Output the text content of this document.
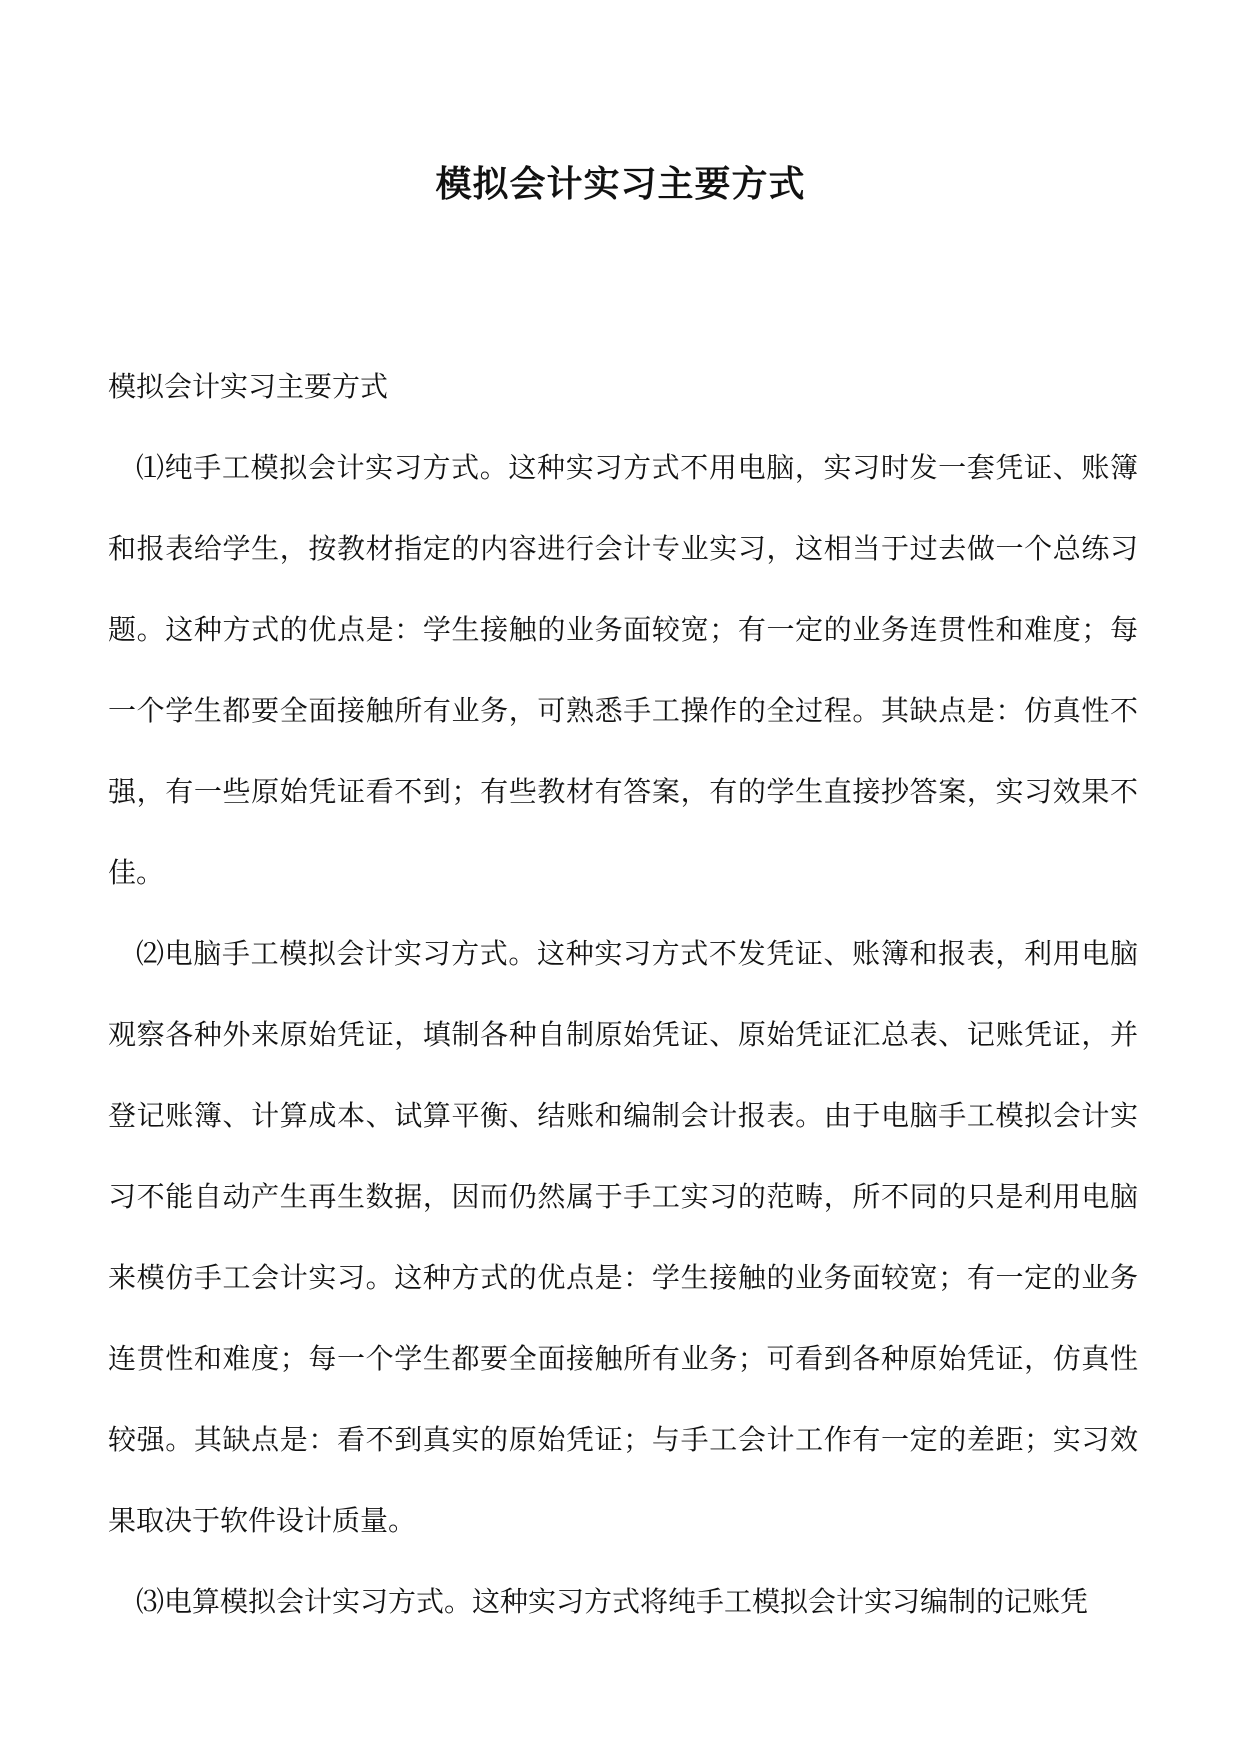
模拟会计实习主要方式

模拟会计实习主要方式

⑴纯手工模拟会计实习方式。这种实习方式不用电脑，实习时发一套凭证、账簿和报表给学生，按教材指定的内容进行会计专业实习，这相当于过去做一个总练习题。这种方式的优点是：学生接触的业务面较宽；有一定的业务连贯性和难度；每一个学生都要全面接触所有业务，可熟悉手工操作的全过程。其缺点是：仿真性不强，有一些原始凭证看不到；有些教材有答案，有的学生直接抄答案，实习效果不佳。

⑵电脑手工模拟会计实习方式。这种实习方式不发凭证、账簿和报表，利用电脑观察各种外来原始凭证，填制各种自制原始凭证、原始凭证汇总表、记账凭证，并登记账簿、计算成本、试算平衡、结账和编制会计报表。由于电脑手工模拟会计实习不能自动产生再生数据，因而仍然属于手工实习的范畴，所不同的只是利用电脑来模仿手工会计实习。这种方式的优点是：学生接触的业务面较宽；有一定的业务连贯性和难度；每一个学生都要全面接触所有业务；可看到各种原始凭证，仿真性较强。其缺点是：看不到真实的原始凭证；与手工会计工作有一定的差距；实习效果取决于软件设计质量。

⑶电算模拟会计实习方式。这种实习方式将纯手工模拟会计实习编制的记账凭
